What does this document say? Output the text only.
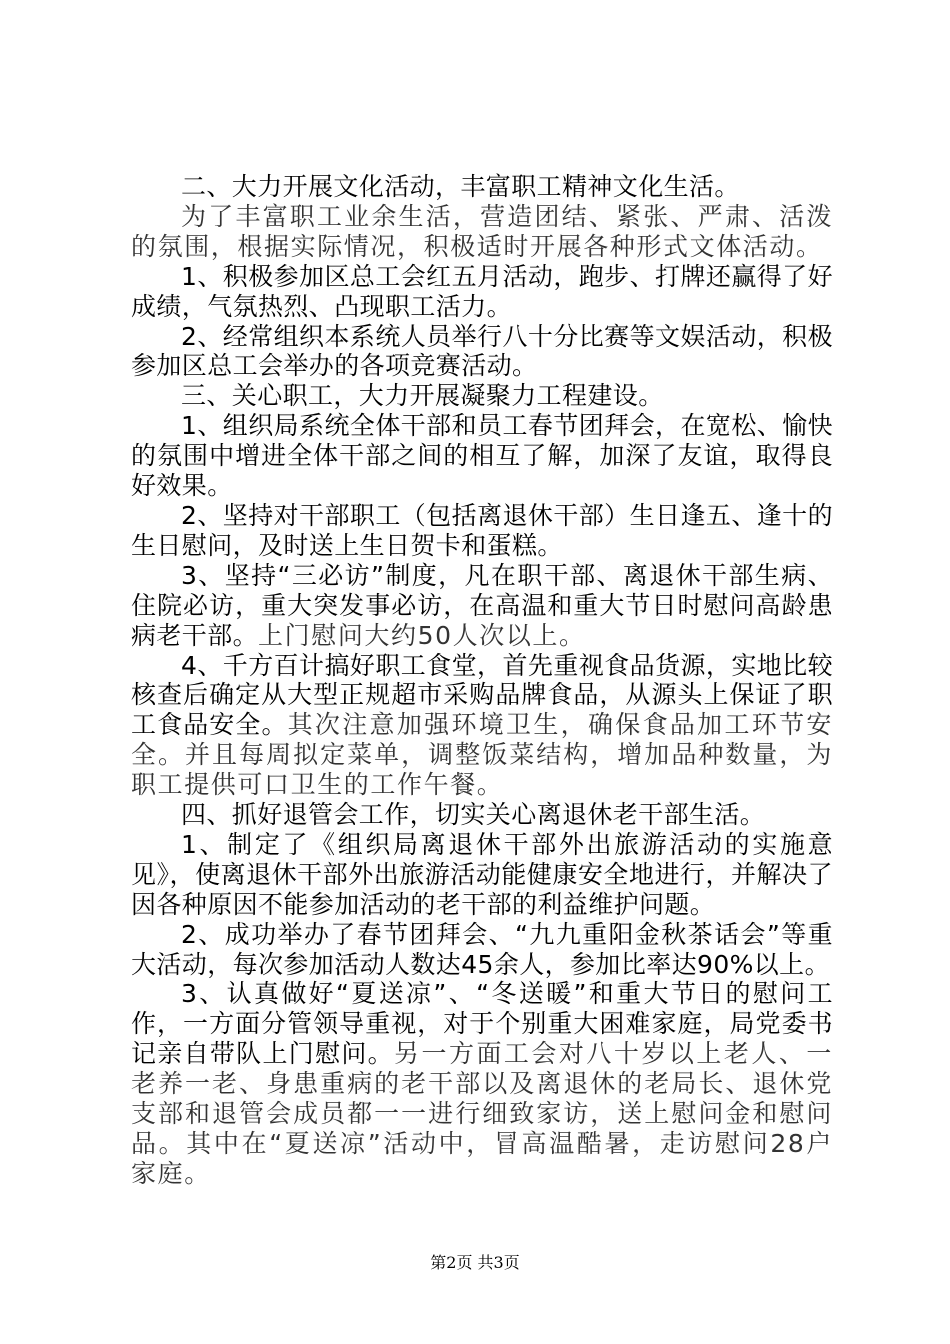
二、大力开展文化活动，丰富职工精神文化生活。

为了丰富职工业余生活，营造团结、紧张、严肃、活泼的氛围，根据实际情况，积极适时开展各种形式文体活动。

1、积极参加区总工会红五月活动，跑步、打牌还赢得了好成绩，气氛热烈、凸现职工活力。

2、经常组织本系统人员举行八十分比赛等文娱活动，积极参加区总工会举办的各项竞赛活动。

三、关心职工，大力开展凝聚力工程建设。

1、组织局系统全体干部和员工春节团拜会，在宽松、愉快的氛围中增进全体干部之间的相互了解，加深了友谊，取得良好效果。

2、坚持对干部职工（包括离退休干部）生日逢五、逢十的生日慰问，及时送上生日贺卡和蛋糕。

3、坚持“三必访”制度，凡在职干部、离退休干部生病、住院必访，重大突发事必访，在高温和重大节日时慰问高龄患病老干部。上门慰问大约50人次以上。

4、千方百计搞好职工食堂，首先重视食品货源，实地比较核查后确定从大型正规超市采购品牌食品，从源头上保证了职工食品安全。其次注意加强环境卫生，确保食品加工环节安全。并且每周拟定菜单，调整饭菜结构，增加品种数量，为职工提供可口卫生的工作午餐。

四、抓好退管会工作，切实关心离退休老干部生活。

1、制定了《组织局离退休干部外出旅游活动的实施意见》，使离退休干部外出旅游活动能健康安全地进行，并解决了因各种原因不能参加活动的老干部的利益维护问题。

2、成功举办了春节团拜会、“九九重阳金秋茶话会”等重大活动，每次参加活动人数达45余人，参加比率达90%以上。

3、认真做好“夏送凉”、“冬送暖”和重大节日的慰问工作，一方面分管领导重视，对于个别重大困难家庭，局党委书记亲自带队上门慰问。另一方面工会对八十岁以上老人、一老养一老、身患重病的老干部以及离退休的老局长、退休党支部和退管会成员都一一进行细致家访，送上慰问金和慰问品。其中在“夏送凉”活动中，冒高温酷暑，走访慰问28户家庭。

第2页 共3页
